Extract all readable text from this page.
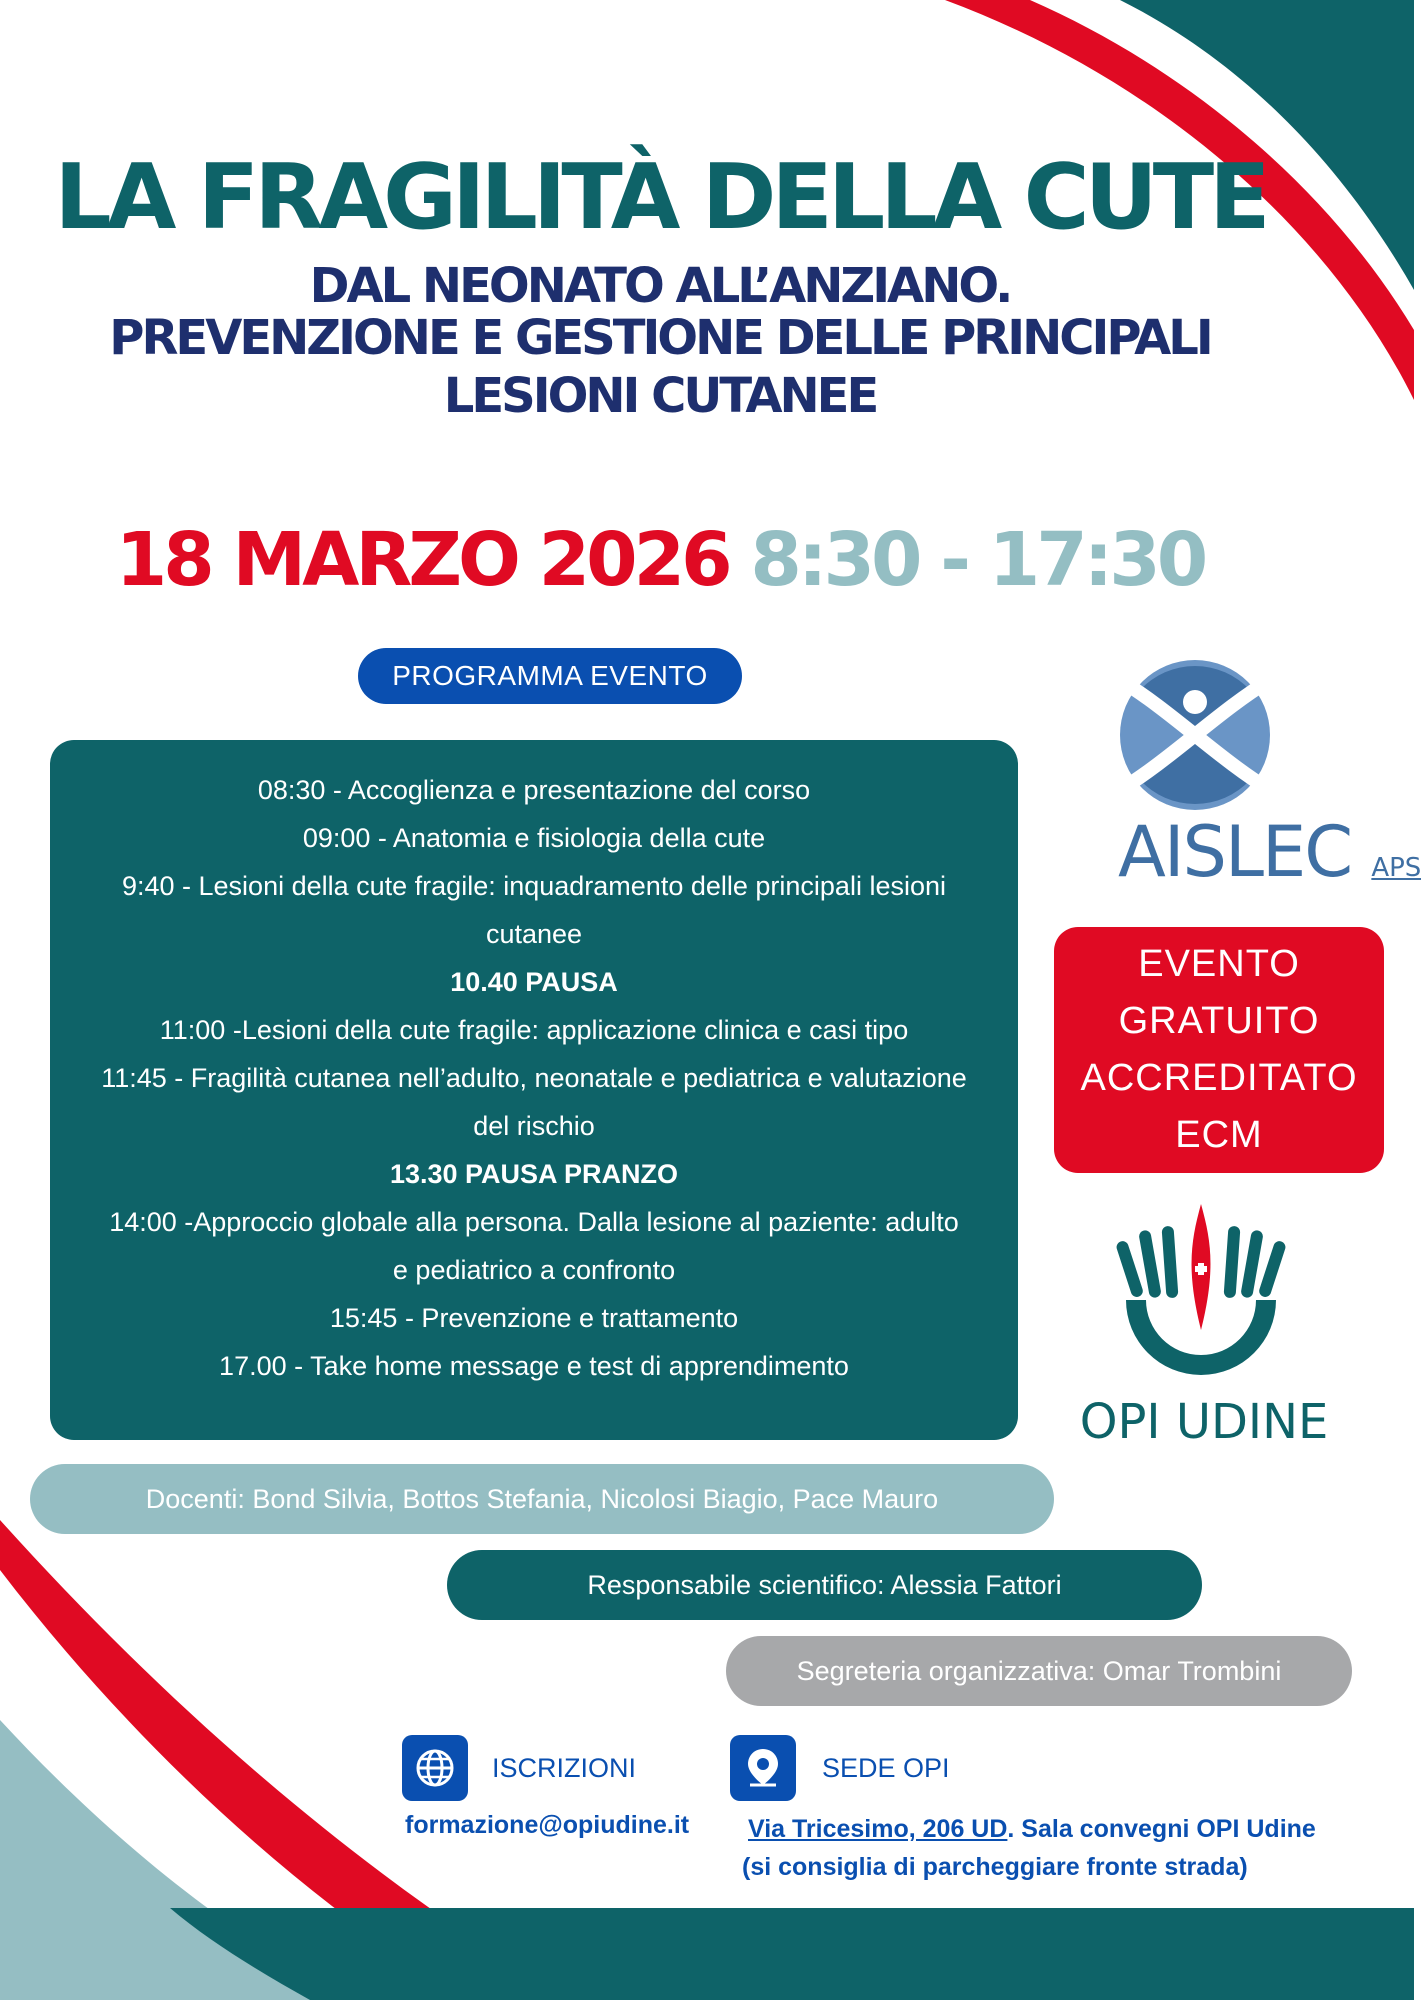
LA FRAGILITÀ DELLA CUTE
DAL NEONATO ALL’ANZIANO.
PREVENZIONE E GESTIONE DELLE PRINCIPALI
LESIONI CUTANEE
18 MARZO 2026 8:30 - 17:30
PROGRAMMA EVENTO
08:30 - Accoglienza e presentazione del corso
09:00 - Anatomia e fisiologia della cute
9:40 - Lesioni della cute fragile: inquadramento delle principali lesioni
cutanee
10.40 PAUSA
11:00 -Lesioni della cute fragile: applicazione clinica e casi tipo
11:45 - Fragilità cutanea nell’adulto, neonatale e pediatrica e valutazione
del rischio
13.30 PAUSA PRANZO
14:00 -Approccio globale alla persona. Dalla lesione al paziente: adulto
e pediatrico a confronto
15:45 - Prevenzione e trattamento
17.00 - Take home message e test di apprendimento
AISLEC APS
EVENTO
GRATUITO
ACCREDITATO
ECM
OPI UDINE
Docenti: Bond Silvia, Bottos Stefania, Nicolosi Biagio, Pace Mauro
Responsabile scientifico: Alessia Fattori
Segreteria organizzativa: Omar Trombini
ISCRIZIONI
formazione@opiudine.it
SEDE OPI
Via Tricesimo, 206 UD. Sala convegni OPI Udine
(si consiglia di parcheggiare fronte strada)
